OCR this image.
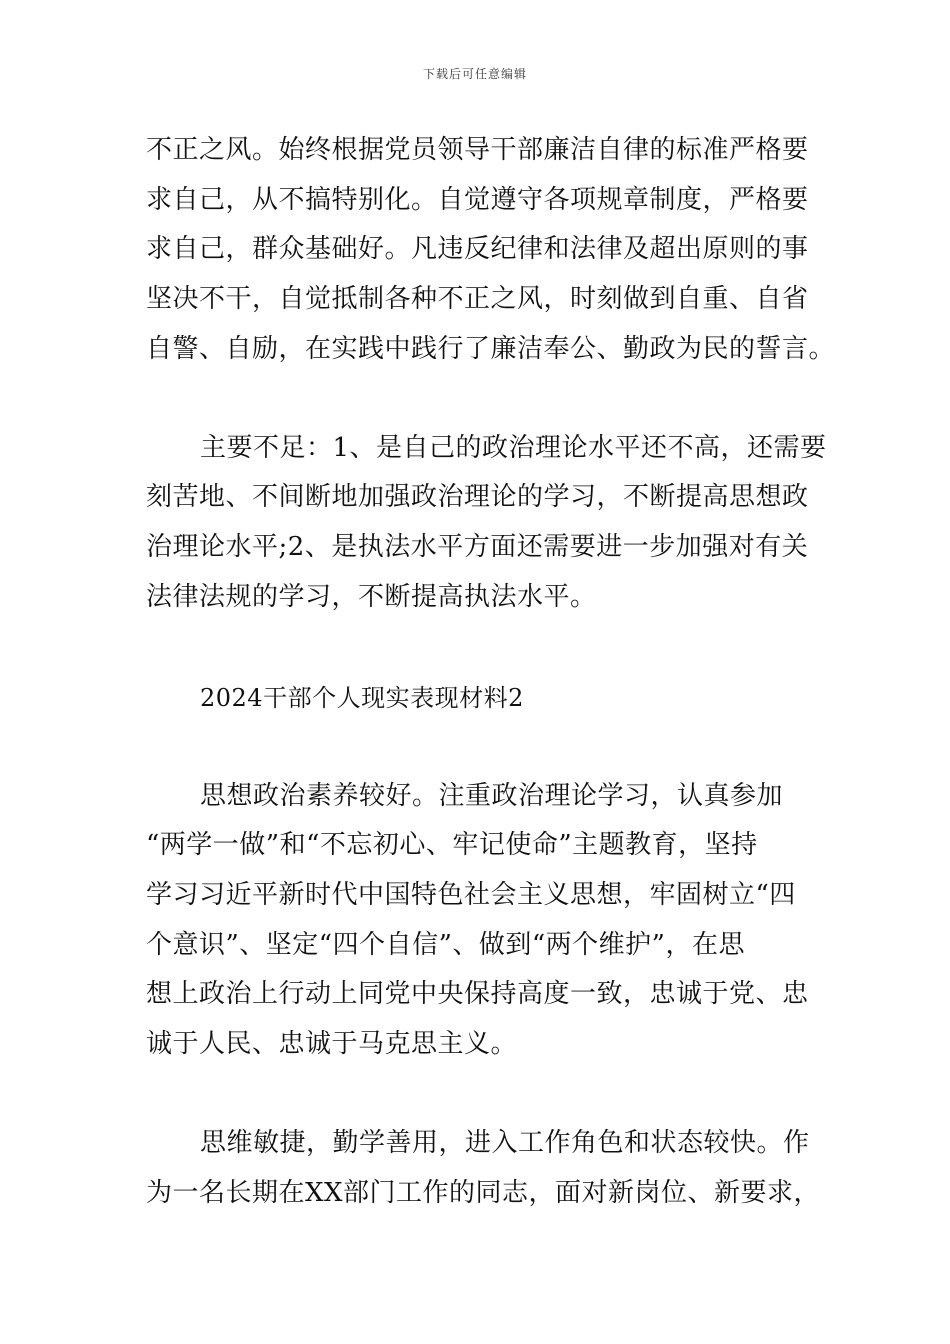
下载后可任意编辑

不正之风。始终根据党员领导干部廉洁自律的标准严格要

求自己，从不搞特别化。自觉遵守各项规章制度，严格要

求自己，群众基础好。凡违反纪律和法律及超出原则的事

坚决不干，自觉抵制各种不正之风，时刻做到自重、自省

自警、自励，在实践中践行了廉洁奉公、勤政为民的誓言。

主要不足：1、是自己的政治理论水平还不高，还需要

刻苦地、不间断地加强政治理论的学习，不断提高思想政

治理论水平;2、是执法水平方面还需要进一步加强对有关

法律法规的学习，不断提高执法水平。

2024干部个人现实表现材料2

思想政治素养较好。注重政治理论学习，认真参加

“两学一做”和“不忘初心、牢记使命”主题教育，坚持

学习习近平新时代中国特色社会主义思想，牢固树立“四

个意识”、坚定“四个自信”、做到“两个维护”，在思

想上政治上行动上同党中央保持高度一致，忠诚于党、忠

诚于人民、忠诚于马克思主义。

思维敏捷，勤学善用，进入工作角色和状态较快。作

为一名长期在XX部门工作的同志，面对新岗位、新要求，
